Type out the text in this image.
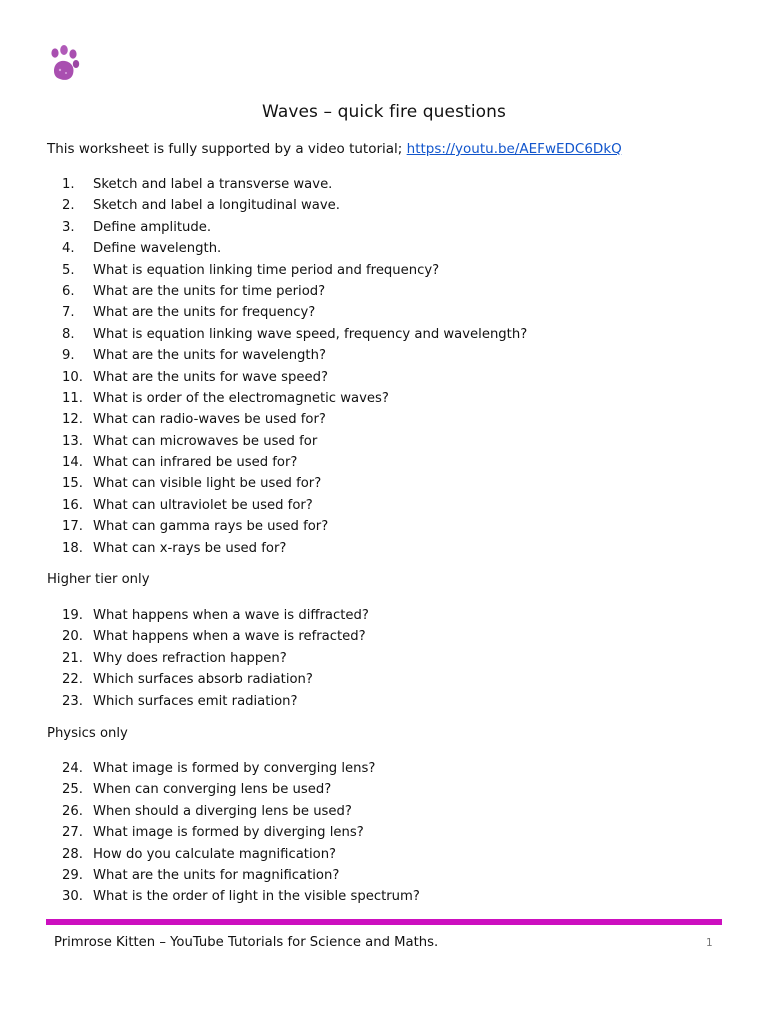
Waves – quick fire questions
This worksheet is fully supported by a video tutorial; https://youtu.be/AEFwEDC6DkQ
1.	Sketch and label a transverse wave.
2.	Sketch and label a longitudinal wave.
3.	Define amplitude.
4.	Define wavelength.
5.	What is equation linking time period and frequency?
6.	What are the units for time period?
7.	What are the units for frequency?
8.	What is equation linking wave speed, frequency and wavelength?
9.	What are the units for wavelength?
10. What are the units for wave speed?
11. What is order of the electromagnetic waves?
12. What can radio-waves be used for?
13. What can microwaves be used for
14. What can infrared be used for?
15. What can visible light be used for?
16. What can ultraviolet be used for?
17. What can gamma rays be used for?
18. What can x-rays be used for?
Higher tier only
19. What happens when a wave is diffracted?
20. What happens when a wave is refracted?
21. Why does refraction happen?
22. Which surfaces absorb radiation?
23. Which surfaces emit radiation?
Physics only
24. What image is formed by converging lens?
25. When can converging lens be used?
26. When should a diverging lens be used?
27. What image is formed by diverging lens?
28. How do you calculate magnification?
29. What are the units for magnification?
30. What is the order of light in the visible spectrum?
Primrose Kitten – YouTube Tutorials for Science and Maths.	1
